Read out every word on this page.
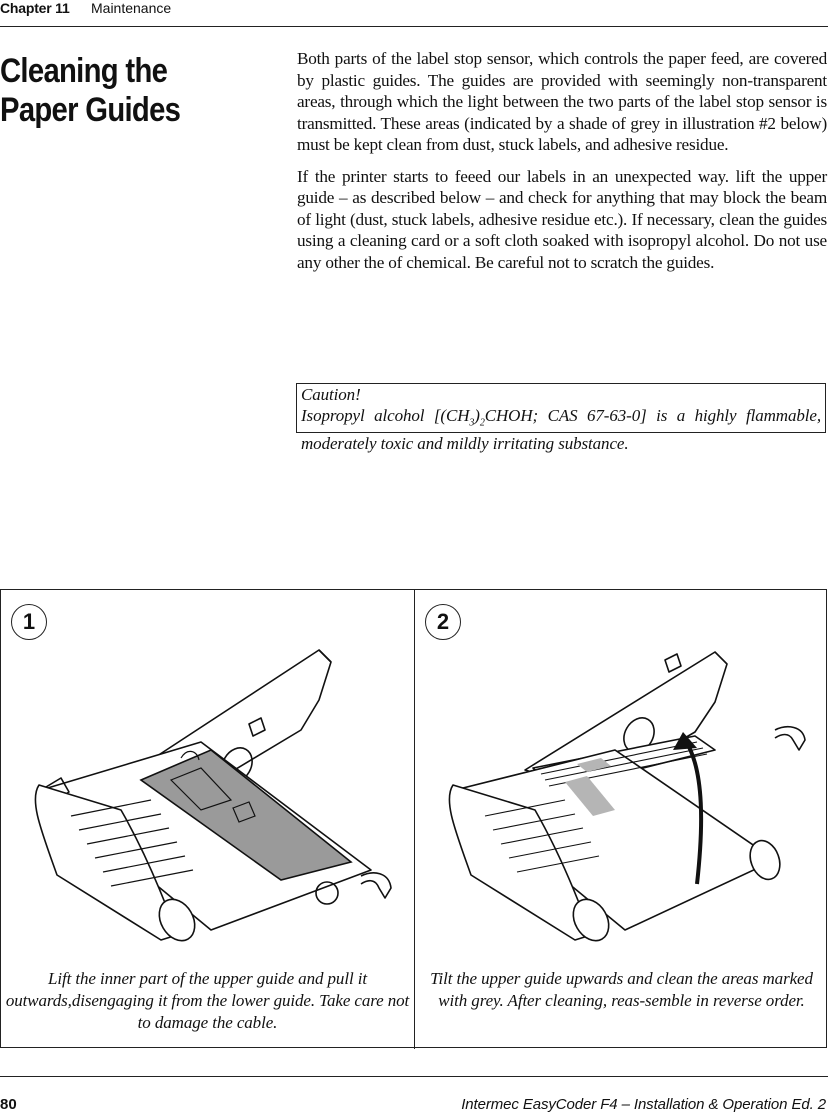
Chapter 11 Maintenance
Cleaning the
Paper Guides

Both parts of the label stop sensor, which controls the paper feed, are covered by plastic guides. The guides are provided with seemingly non-transparent areas, through which the light between the two parts of the label stop sensor is transmitted. These areas (indicated by a shade of grey in illustration #2 below) must be kept clean from dust, stuck labels, and adhesive residue.

If the printer starts to feeed our labels in an unexpected way. lift the upper guide – as described below – and check for anything that may block the beam of light (dust, stuck labels, adhesive residue etc.). If necessary, clean the guides using a cleaning card or a soft cloth soaked with isopropyl alcohol. Do not use any other the of chemical. Be careful not to scratch the guides.

Caution!
Isopropyl alcohol [$(CH_3)_2CHOH$; CAS 67-63-0] is a highly flammable, moderately toxic and mildly irritating substance.
1
Lift the inner part of the upper guide and pull it outwards,disengaging it from the lower guide. Take care not to damage the cable.
2
Tilt the upper guide upwards and clean the areas marked with grey. After cleaning, reas-semble in reverse order.
80	Intermec EasyCoder F4 – Installation & Operation Ed. 2
